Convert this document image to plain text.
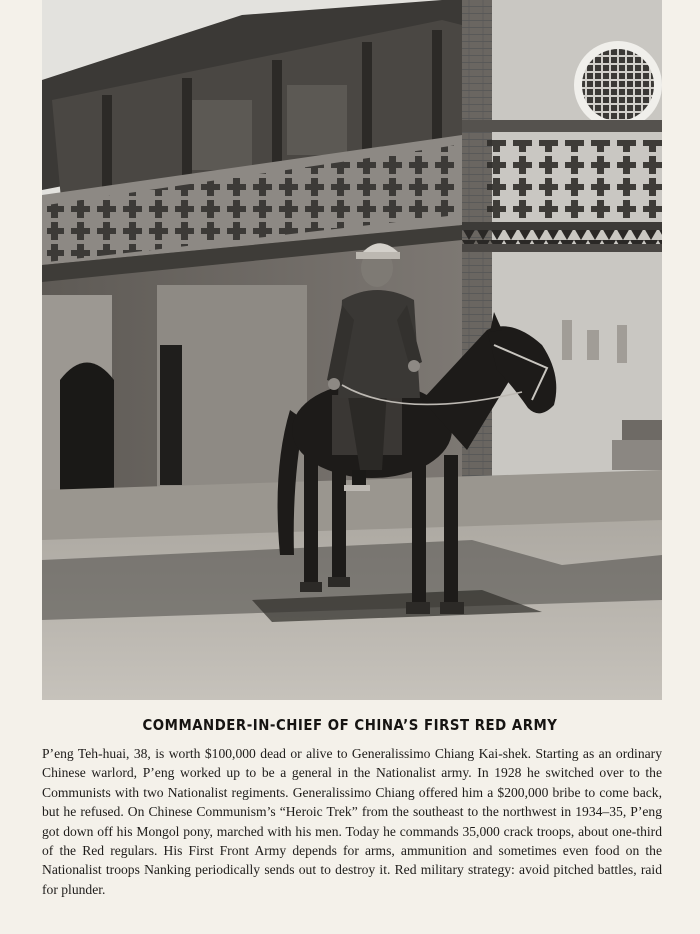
COMMANDER-IN-CHIEF OF CHINA’S FIRST RED ARMY
P’eng Teh-huai, 38, is worth $100,000 dead or alive to Generalissimo Chiang Kai-shek. Starting as an ordinary Chinese warlord, P’eng worked up to be a general in the Nationalist army. In 1928 he switched over to the Communists with two Nationalist regiments. Generalissimo Chiang offered him a $200,000 bribe to come back, but he refused. On Chinese Communism’s “Heroic Trek” from the southeast to the northwest in 1934–35, P’eng got down off his Mongol pony, marched with his men. Today he commands 35,000 crack troops, about one-third of the Red regulars. His First Front Army depends for arms, ammunition and sometimes even food on the Nationalist troops Nanking periodically sends out to destroy it. Red military strategy: avoid pitched battles, raid for plunder.
